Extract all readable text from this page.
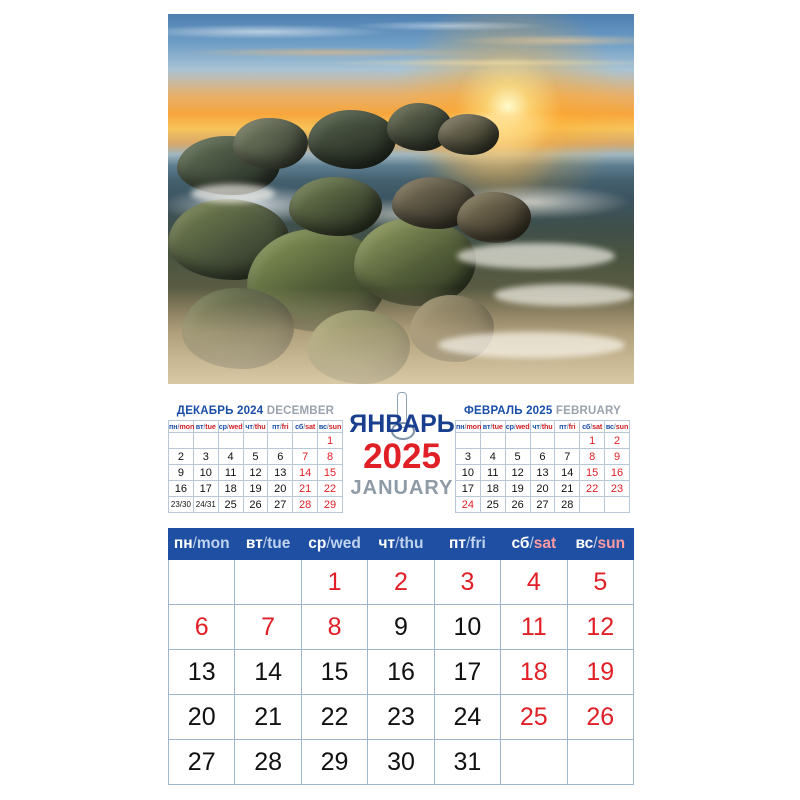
ДЕКАБРЬ 2024 DECEMBER
пн/mon	вт/tue	ср/wed	чт/thu	пт/fri	сб/sat	вс/sun
						1
2	3	4	5	6	7	8
9	10	11	12	13	14	15
16	17	18	19	20	21	22
23/30	24/31	25	26	27	28	29
ЯНВАРЬ
2025
JANUARY
ФЕВРАЛЬ 2025 FEBRUARY
пн/mon	вт/tue	ср/wed	чт/thu	пт/fri	сб/sat	вс/sun
					1	2
3	4	5	6	7	8	9
10	11	12	13	14	15	16
17	18	19	20	21	22	23
24	25	26	27	28		
пн/mon	вт/tue	ср/wed	чт/thu	пт/fri	сб/sat	вс/sun
		1	2	3	4	5
6	7	8	9	10	11	12
13	14	15	16	17	18	19
20	21	22	23	24	25	26
27	28	29	30	31		
